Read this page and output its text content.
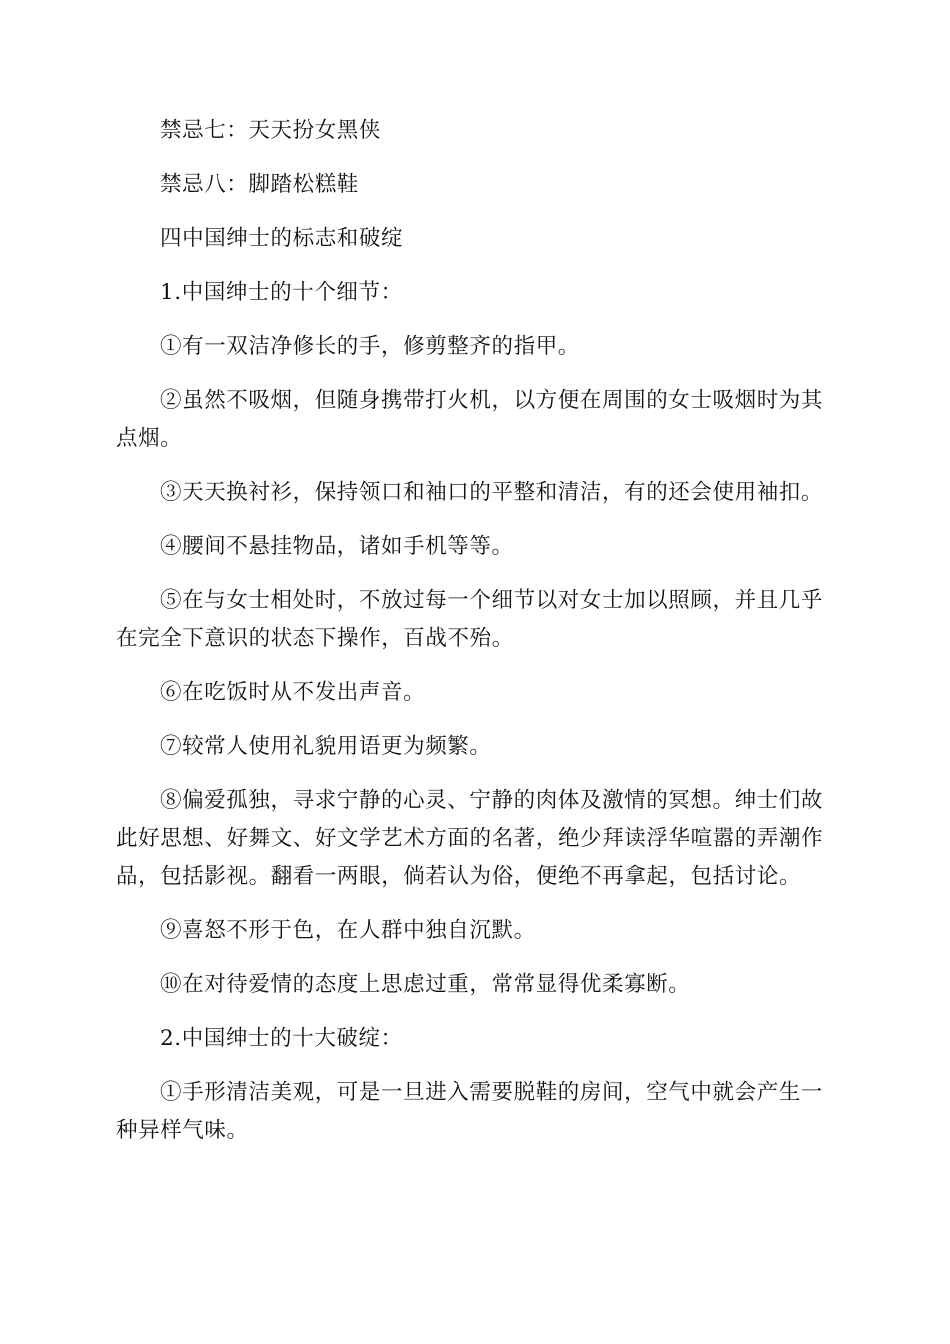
禁忌七：天天扮女黑侠

禁忌八：脚踏松糕鞋

四中国绅士的标志和破绽

1.中国绅士的十个细节：

①有一双洁净修长的手，修剪整齐的指甲。

②虽然不吸烟，但随身携带打火机，以方便在周围的女士吸烟时为其点烟。

③天天换衬衫，保持领口和袖口的平整和清洁，有的还会使用袖扣。

④腰间不悬挂物品，诸如手机等等。

⑤在与女士相处时，不放过每一个细节以对女士加以照顾，并且几乎在完全下意识的状态下操作，百战不殆。

⑥在吃饭时从不发出声音。

⑦较常人使用礼貌用语更为频繁。

⑧偏爱孤独，寻求宁静的心灵、宁静的肉体及激情的冥想。绅士们故此好思想、好舞文、好文学艺术方面的名著，绝少拜读浮华喧嚣的弄潮作品，包括影视。翻看一两眼，倘若认为俗，便绝不再拿起，包括讨论。

⑨喜怒不形于色，在人群中独自沉默。

⑩在对待爱情的态度上思虑过重，常常显得优柔寡断。

2.中国绅士的十大破绽：

①手形清洁美观，可是一旦进入需要脱鞋的房间，空气中就会产生一种异样气味。
